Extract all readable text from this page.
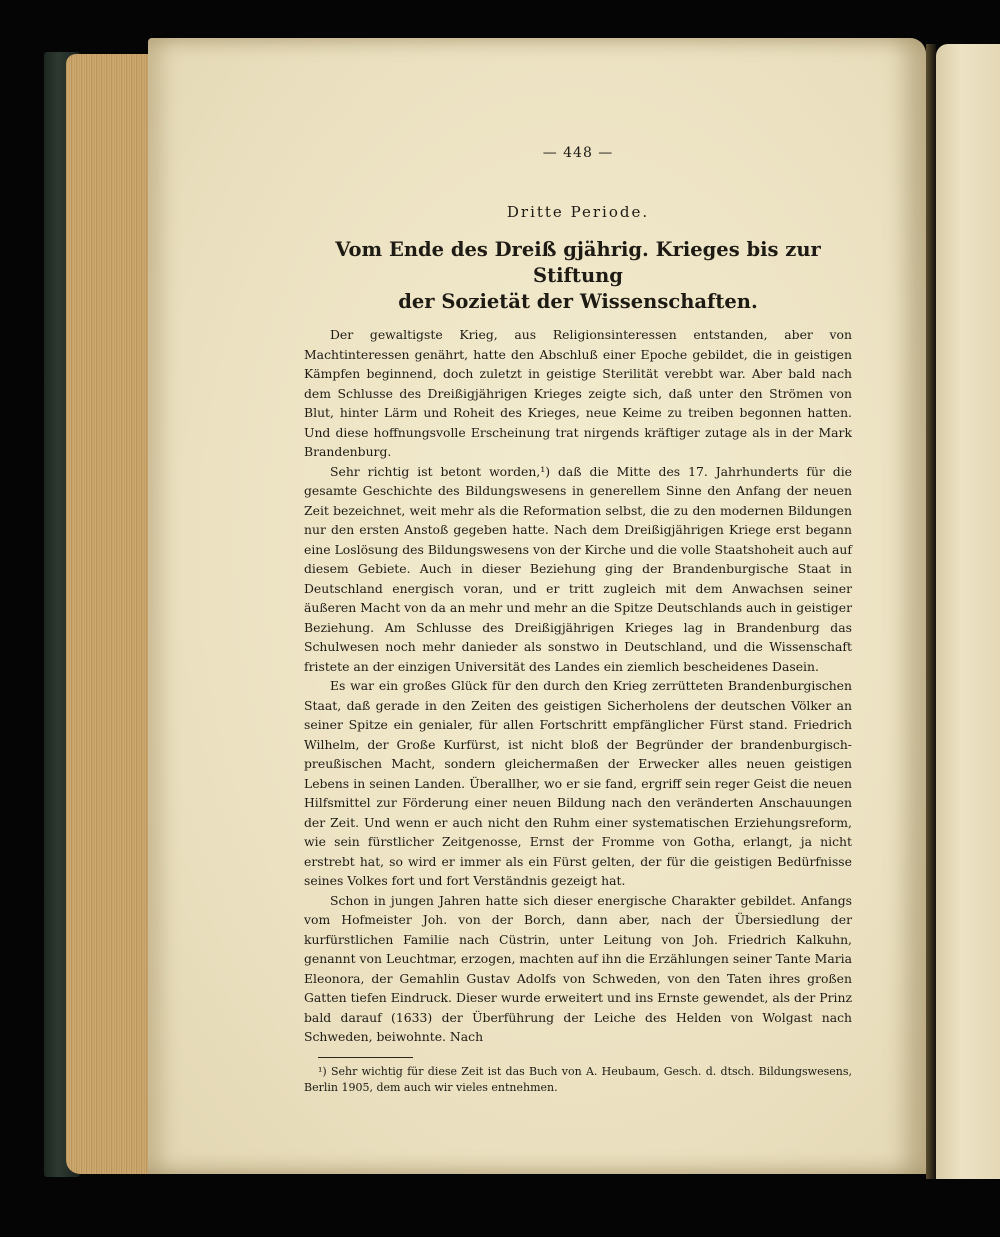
— 448 —
Dritte Periode.
Vom Ende des Dreiß gjährig. Krieges bis zur Stiftung
der Sozietät der Wissenschaften.

Der gewaltigste Krieg, aus Religionsinteressen entstanden, aber von Machtinteressen genährt, hatte den Abschluß einer Epoche gebildet, die in geistigen Kämpfen beginnend, doch zuletzt in geistige Sterilität verebbt war. Aber bald nach dem Schlusse des Dreißigjährigen Krieges zeigte sich, daß unter den Strömen von Blut, hinter Lärm und Roheit des Krieges, neue Keime zu treiben begonnen hatten. Und diese hoffnungsvolle Erscheinung trat nirgends kräftiger zutage als in der Mark Brandenburg.

Sehr richtig ist betont worden,¹) daß die Mitte des 17. Jahrhunderts für die gesamte Geschichte des Bildungswesens in generellem Sinne den Anfang der neuen Zeit bezeichnet, weit mehr als die Reformation selbst, die zu den modernen Bildungen nur den ersten Anstoß gegeben hatte. Nach dem Dreißigjährigen Kriege erst begann eine Loslösung des Bildungswesens von der Kirche und die volle Staatshoheit auch auf diesem Gebiete. Auch in dieser Beziehung ging der Brandenburgische Staat in Deutschland energisch voran, und er tritt zugleich mit dem Anwachsen seiner äußeren Macht von da an mehr und mehr an die Spitze Deutschlands auch in geistiger Beziehung. Am Schlusse des Dreißigjährigen Krieges lag in Brandenburg das Schulwesen noch mehr danieder als sonstwo in Deutschland, und die Wissenschaft fristete an der einzigen Universität des Landes ein ziemlich bescheidenes Dasein.

Es war ein großes Glück für den durch den Krieg zerrütteten Brandenburgischen Staat, daß gerade in den Zeiten des geistigen Sicherholens der deutschen Völker an seiner Spitze ein genialer, für allen Fortschritt empfänglicher Fürst stand. Friedrich Wilhelm, der Große Kurfürst, ist nicht bloß der Begründer der brandenburgisch-preußischen Macht, sondern gleichermaßen der Erwecker alles neuen geistigen Lebens in seinen Landen. Überallher, wo er sie fand, ergriff sein reger Geist die neuen Hilfsmittel zur Förderung einer neuen Bildung nach den veränderten Anschauungen der Zeit. Und wenn er auch nicht den Ruhm einer systematischen Erziehungsreform, wie sein fürstlicher Zeitgenosse, Ernst der Fromme von Gotha, erlangt, ja nicht erstrebt hat, so wird er immer als ein Fürst gelten, der für die geistigen Bedürfnisse seines Volkes fort und fort Verständnis gezeigt hat.

Schon in jungen Jahren hatte sich dieser energische Charakter gebildet. Anfangs vom Hofmeister Joh. von der Borch, dann aber, nach der Übersiedlung der kurfürstlichen Familie nach Cüstrin, unter Leitung von Joh. Friedrich Kalkuhn, genannt von Leuchtmar, erzogen, machten auf ihn die Erzählungen seiner Tante Maria Eleonora, der Gemahlin Gustav Adolfs von Schweden, von den Taten ihres großen Gatten tiefen Eindruck. Dieser wurde erweitert und ins Ernste gewendet, als der Prinz bald darauf (1633) der Überführung der Leiche des Helden von Wolgast nach Schweden, beiwohnte. Nach

¹) Sehr wichtig für diese Zeit ist das Buch von A. Heubaum, Gesch. d. dtsch. Bildungswesens, Berlin 1905, dem auch wir vieles entnehmen.
